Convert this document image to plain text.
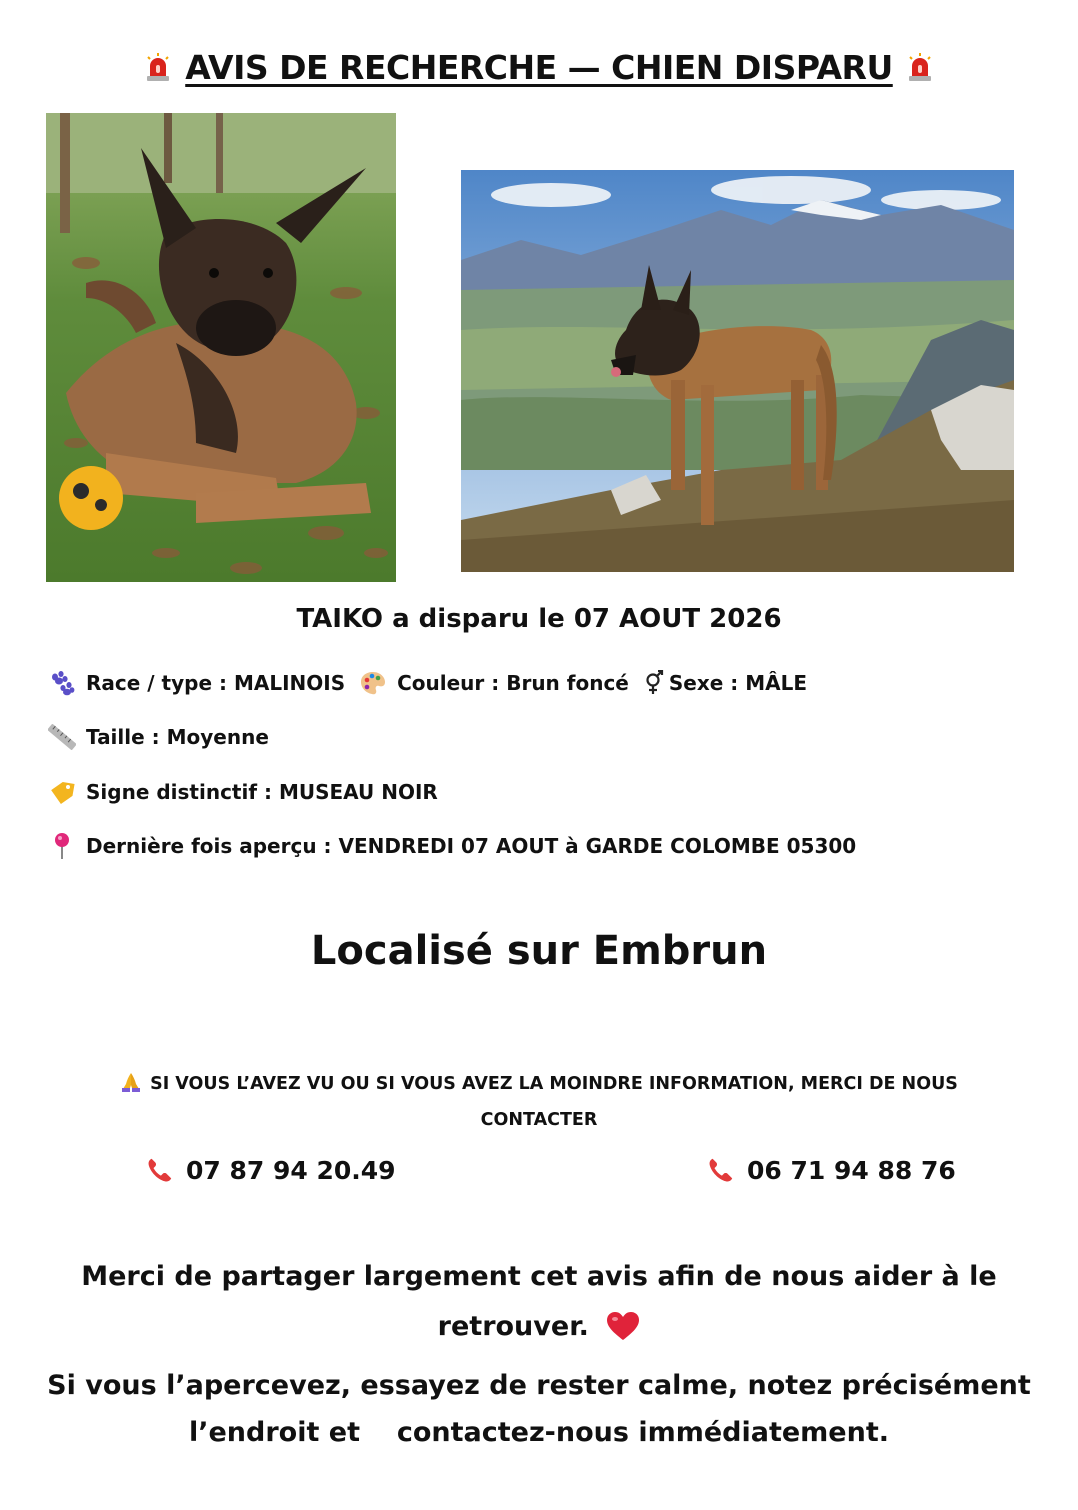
AVIS DE RECHERCHE — CHIEN DISPARU
TAIKO a disparu le 07 AOUT 2026
Race / type : MALINOIS	Couleur : Brun foncé Sexe : MÂLE
Taille : Moyenne
Signe distinctif : MUSEAU NOIR
Dernière fois aperçu : VENDREDI 07 AOUT à GARDE COLOMBE 05300
Localisé sur Embrun
SI VOUS L’AVEZ VU OU SI VOUS AVEZ LA MOINDRE INFORMATION, MERCI DE NOUS CONTACTER
07 87 94 20.49	06 71 94 88 76
Merci de partager largement cet avis afin de nous aider à le retrouver.
Si vous l’apercevez, essayez de rester calme, notez précisément
l’endroit et contactez-nous immédiatement.
